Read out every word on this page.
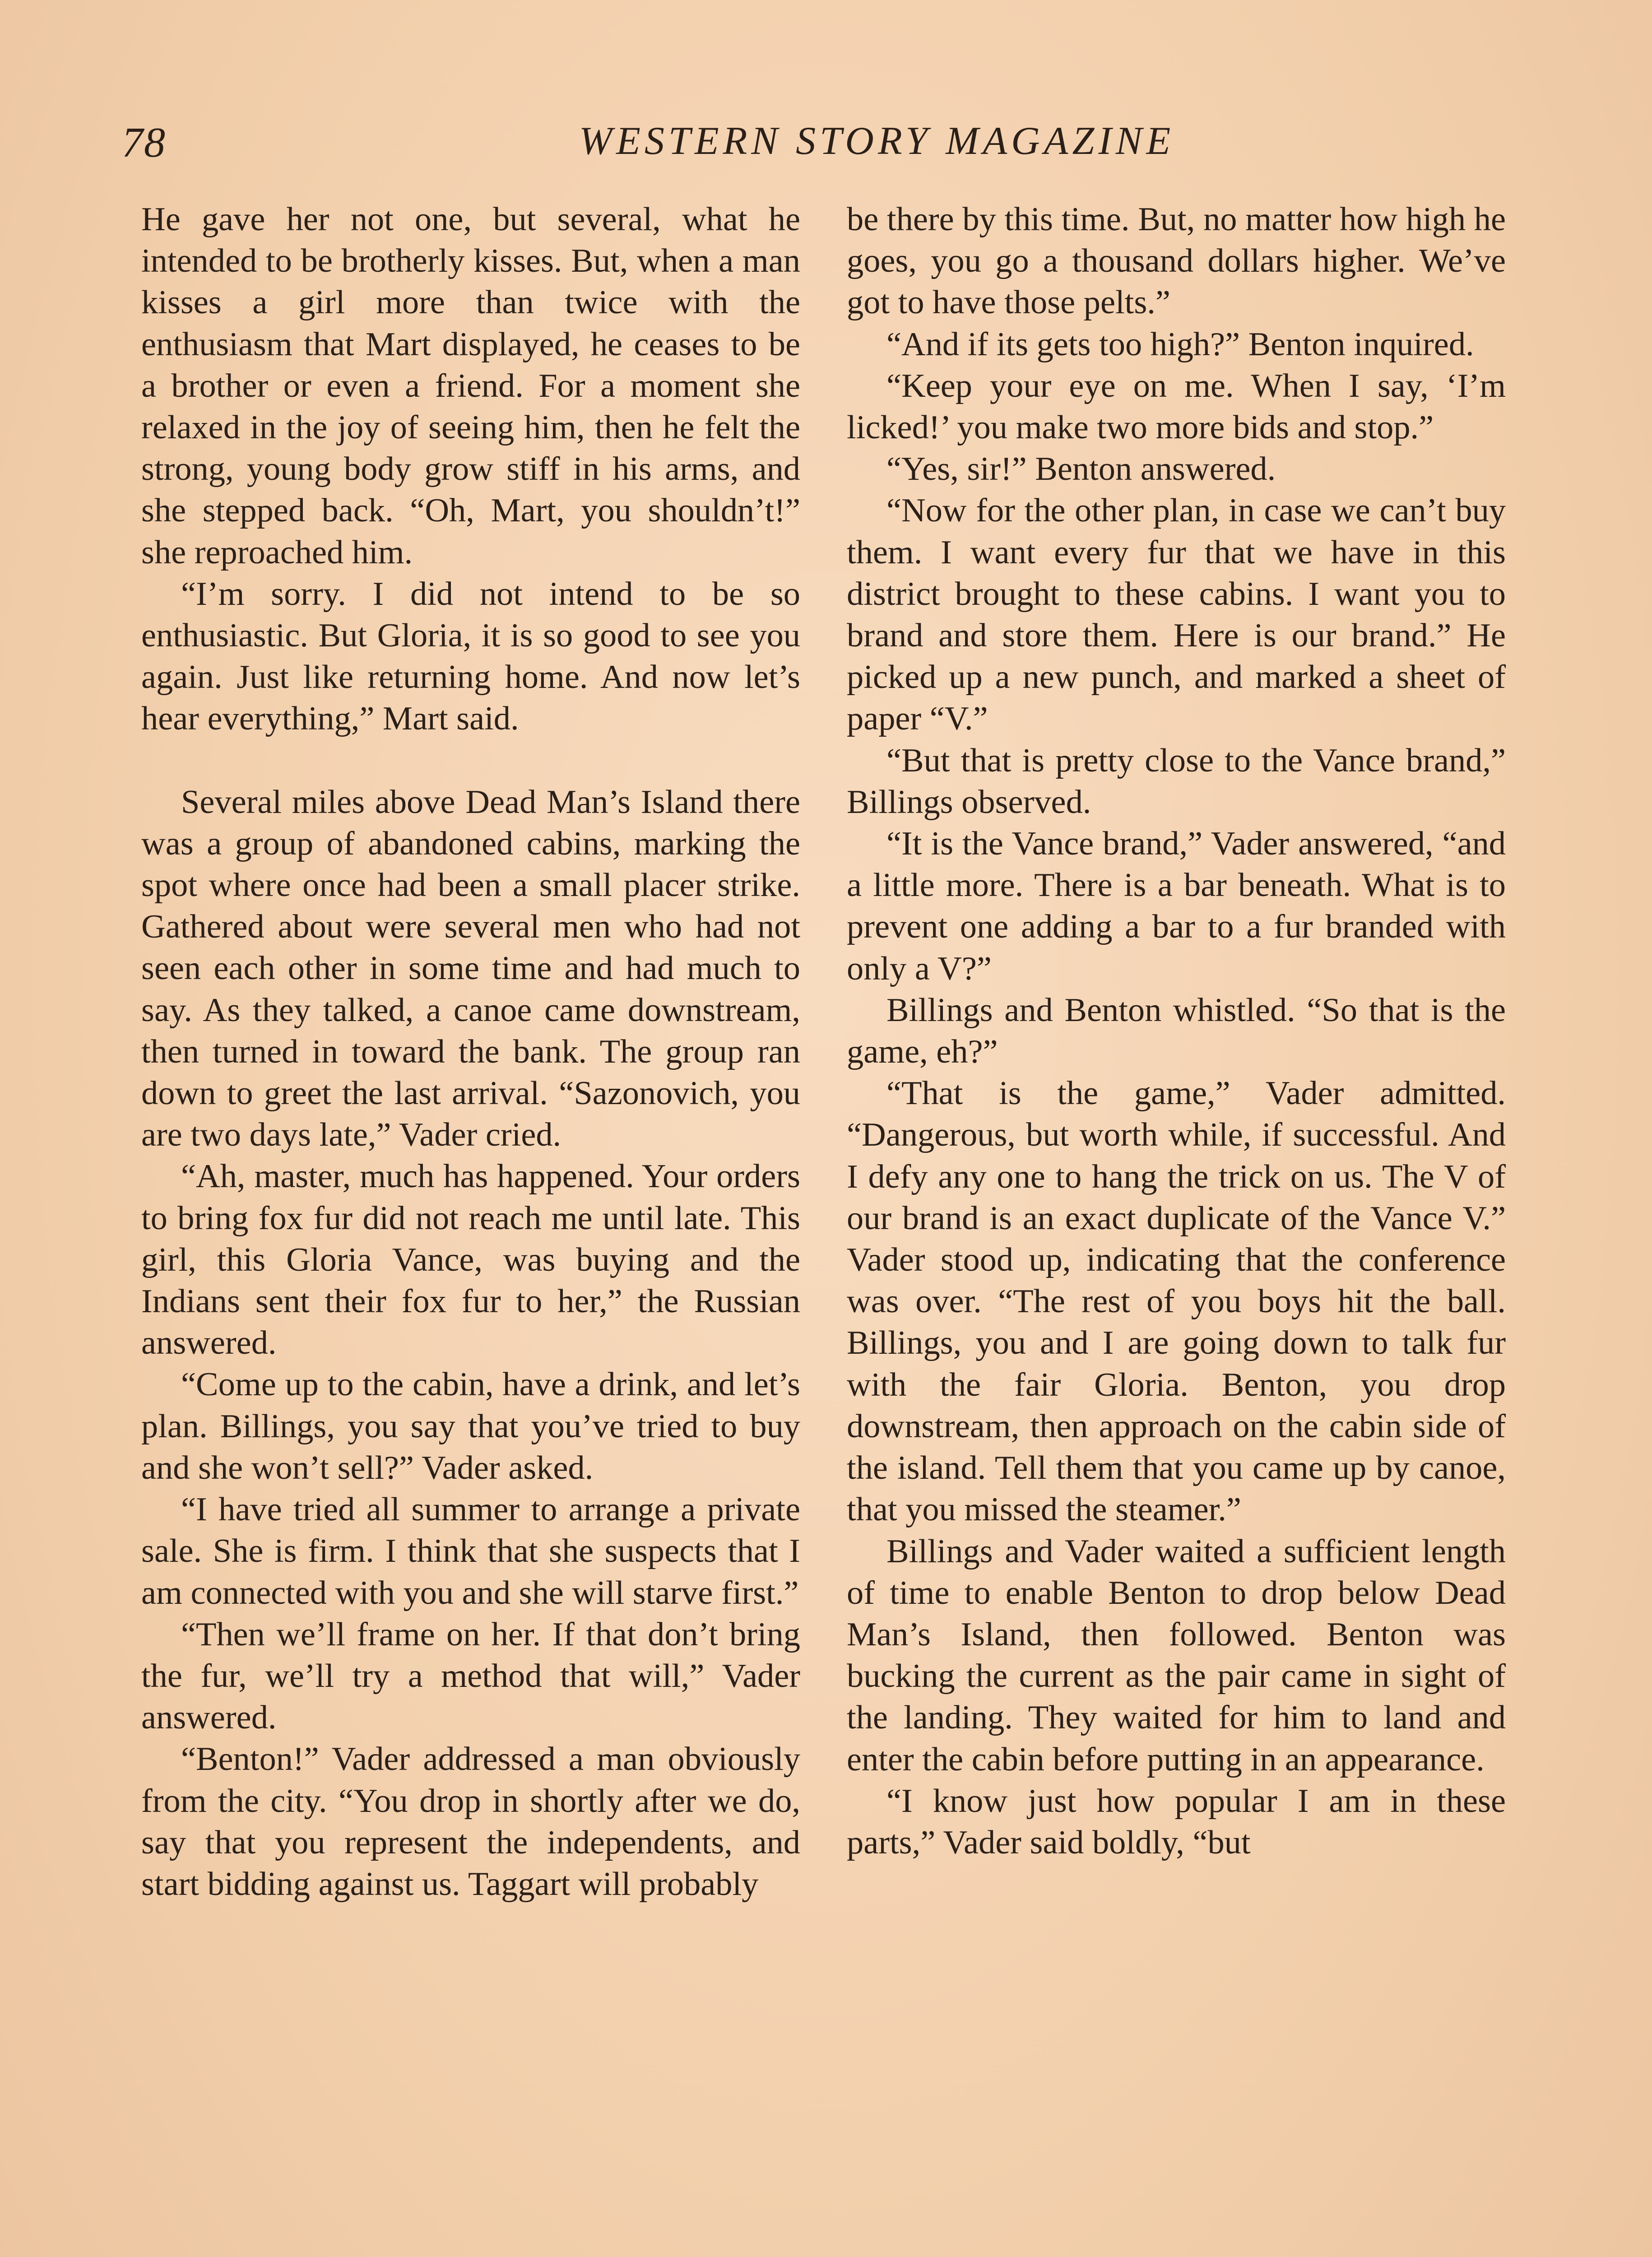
78	WESTERN STORY MAGAZINE

He gave her not one, but several, what he intended to be brotherly kisses. But, when a man kisses a girl more than twice with the enthusiasm that Mart displayed, he ceases to be a brother or even a friend. For a moment she relaxed in the joy of seeing him, then he felt the strong, young body grow stiff in his arms, and she stepped back. “Oh, Mart, you shouldn’t!” she reproached him.

“I’m sorry. I did not intend to be so enthusiastic. But Gloria, it is so good to see you again. Just like returning home. And now let’s hear everything,” Mart said.

Several miles above Dead Man’s Island there was a group of abandoned cabins, marking the spot where once had been a small placer strike. Gathered about were several men who had not seen each other in some time and had much to say. As they talked, a canoe came downstream, then turned in toward the bank. The group ran down to greet the last arrival. “Sazonovich, you are two days late,” Vader cried.

“Ah, master, much has happened. Your orders to bring fox fur did not reach me until late. This girl, this Gloria Vance, was buying and the Indians sent their fox fur to her,” the Russian answered.

“Come up to the cabin, have a drink, and let’s plan. Billings, you say that you’ve tried to buy and she won’t sell?” Vader asked.

“I have tried all summer to arrange a private sale. She is firm. I think that she suspects that I am connected with you and she will starve first.”

“Then we’ll frame on her. If that don’t bring the fur, we’ll try a method that will,” Vader answered.

“Benton!” Vader addressed a man obviously from the city. “You drop in shortly after we do, say that you represent the independents, and start bidding against us. Taggart will probably

be there by this time. But, no matter how high he goes, you go a thousand dollars higher. We’ve got to have those pelts.”

“And if its gets too high?” Benton inquired.

“Keep your eye on me. When I say, ‘I’m licked!’ you make two more bids and stop.”

“Yes, sir!” Benton answered.

“Now for the other plan, in case we can’t buy them. I want every fur that we have in this district brought to these cabins. I want you to brand and store them. Here is our brand.” He picked up a new punch, and marked a sheet of paper “V.”

“But that is pretty close to the Vance brand,” Billings observed.

“It is the Vance brand,” Vader answered, “and a little more. There is a bar beneath. What is to prevent one adding a bar to a fur branded with only a V?”

Billings and Benton whistled. “So that is the game, eh?”

“That is the game,” Vader admitted. “Dangerous, but worth while, if successful. And I defy any one to hang the trick on us. The V of our brand is an exact duplicate of the Vance V.” Vader stood up, indicating that the conference was over. “The rest of you boys hit the ball. Billings, you and I are going down to talk fur with the fair Gloria. Benton, you drop downstream, then approach on the cabin side of the island. Tell them that you came up by canoe, that you missed the steamer.”

Billings and Vader waited a sufficient length of time to enable Benton to drop below Dead Man’s Island, then followed. Benton was bucking the current as the pair came in sight of the landing. They waited for him to land and enter the cabin before putting in an appearance.

“I know just how popular I am in these parts,” Vader said boldly, “but
